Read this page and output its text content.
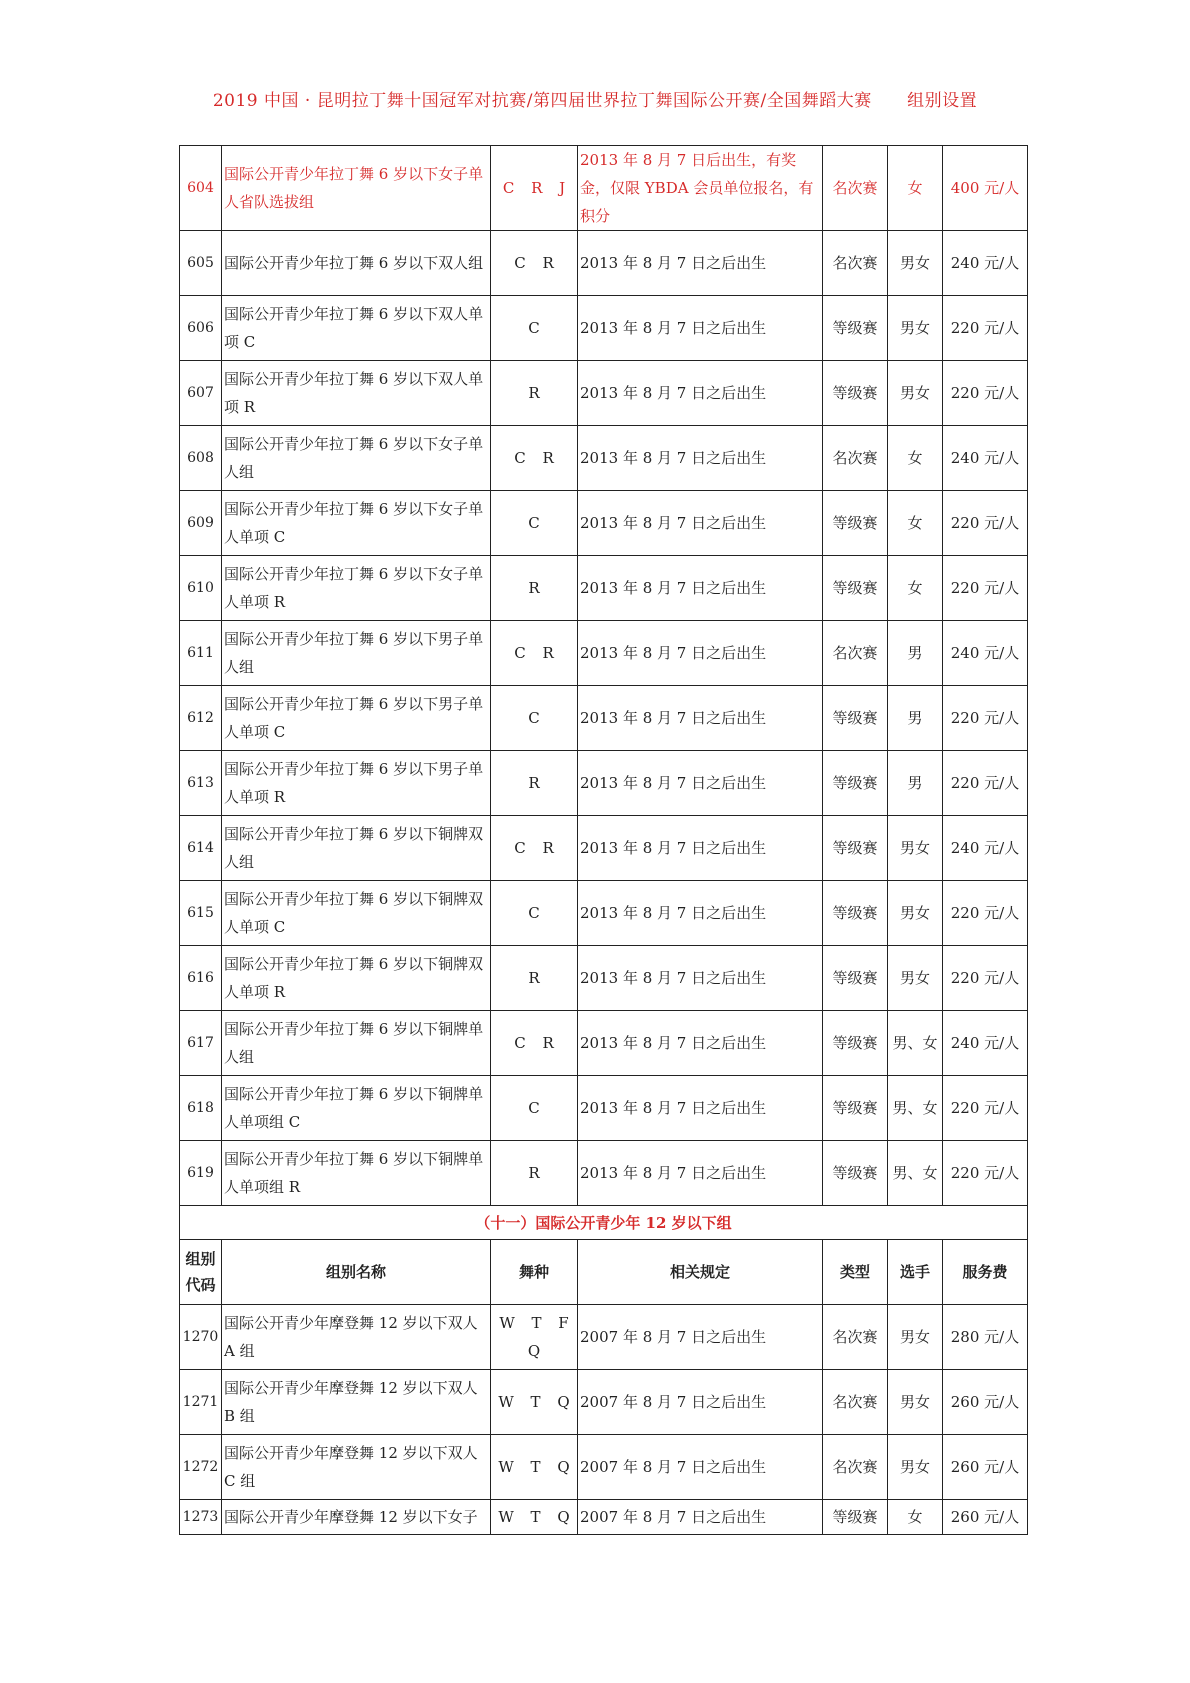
2019 中国 · 昆明拉丁舞十国冠军对抗赛/第四届世界拉丁舞国际公开赛/全国舞蹈大赛 组别设置
604	国际公开青少年拉丁舞 6 岁以下女子单人省队选拔组	C R J	2013 年 8 月 7 日后出生，有奖金，仅限 YBDA 会员单位报名，有积分	名次赛	女	400 元/人
605	国际公开青少年拉丁舞 6 岁以下双人组	C R	2013 年 8 月 7 日之后出生	名次赛	男女	240 元/人
606	国际公开青少年拉丁舞 6 岁以下双人单项 C	C	2013 年 8 月 7 日之后出生	等级赛	男女	220 元/人
607	国际公开青少年拉丁舞 6 岁以下双人单项 R	R	2013 年 8 月 7 日之后出生	等级赛	男女	220 元/人
608	国际公开青少年拉丁舞 6 岁以下女子单人组	C R	2013 年 8 月 7 日之后出生	名次赛	女	240 元/人
609	国际公开青少年拉丁舞 6 岁以下女子单人单项 C	C	2013 年 8 月 7 日之后出生	等级赛	女	220 元/人
610	国际公开青少年拉丁舞 6 岁以下女子单人单项 R	R	2013 年 8 月 7 日之后出生	等级赛	女	220 元/人
611	国际公开青少年拉丁舞 6 岁以下男子单人组	C R	2013 年 8 月 7 日之后出生	名次赛	男	240 元/人
612	国际公开青少年拉丁舞 6 岁以下男子单人单项 C	C	2013 年 8 月 7 日之后出生	等级赛	男	220 元/人
613	国际公开青少年拉丁舞 6 岁以下男子单人单项 R	R	2013 年 8 月 7 日之后出生	等级赛	男	220 元/人
614	国际公开青少年拉丁舞 6 岁以下铜牌双人组	C R	2013 年 8 月 7 日之后出生	等级赛	男女	240 元/人
615	国际公开青少年拉丁舞 6 岁以下铜牌双人单项 C	C	2013 年 8 月 7 日之后出生	等级赛	男女	220 元/人
616	国际公开青少年拉丁舞 6 岁以下铜牌双人单项 R	R	2013 年 8 月 7 日之后出生	等级赛	男女	220 元/人
617	国际公开青少年拉丁舞 6 岁以下铜牌单人组	C R	2013 年 8 月 7 日之后出生	等级赛	男、女	240 元/人
618	国际公开青少年拉丁舞 6 岁以下铜牌单人单项组 C	C	2013 年 8 月 7 日之后出生	等级赛	男、女	220 元/人
619	国际公开青少年拉丁舞 6 岁以下铜牌单人单项组 R	R	2013 年 8 月 7 日之后出生	等级赛	男、女	220 元/人
（十一）国际公开青少年 12 岁以下组						
组别代码	组别名称	舞种	相关规定	类型	选手	服务费
1270	国际公开青少年摩登舞 12 岁以下双人 A 组	W T F Q	2007 年 8 月 7 日之后出生	名次赛	男女	280 元/人
1271	国际公开青少年摩登舞 12 岁以下双人 B 组	W T Q	2007 年 8 月 7 日之后出生	名次赛	男女	260 元/人
1272	国际公开青少年摩登舞 12 岁以下双人 C 组	W T Q	2007 年 8 月 7 日之后出生	名次赛	男女	260 元/人
1273	国际公开青少年摩登舞 12 岁以下女子	W T Q	2007 年 8 月 7 日之后出生	等级赛	女	260 元/人
